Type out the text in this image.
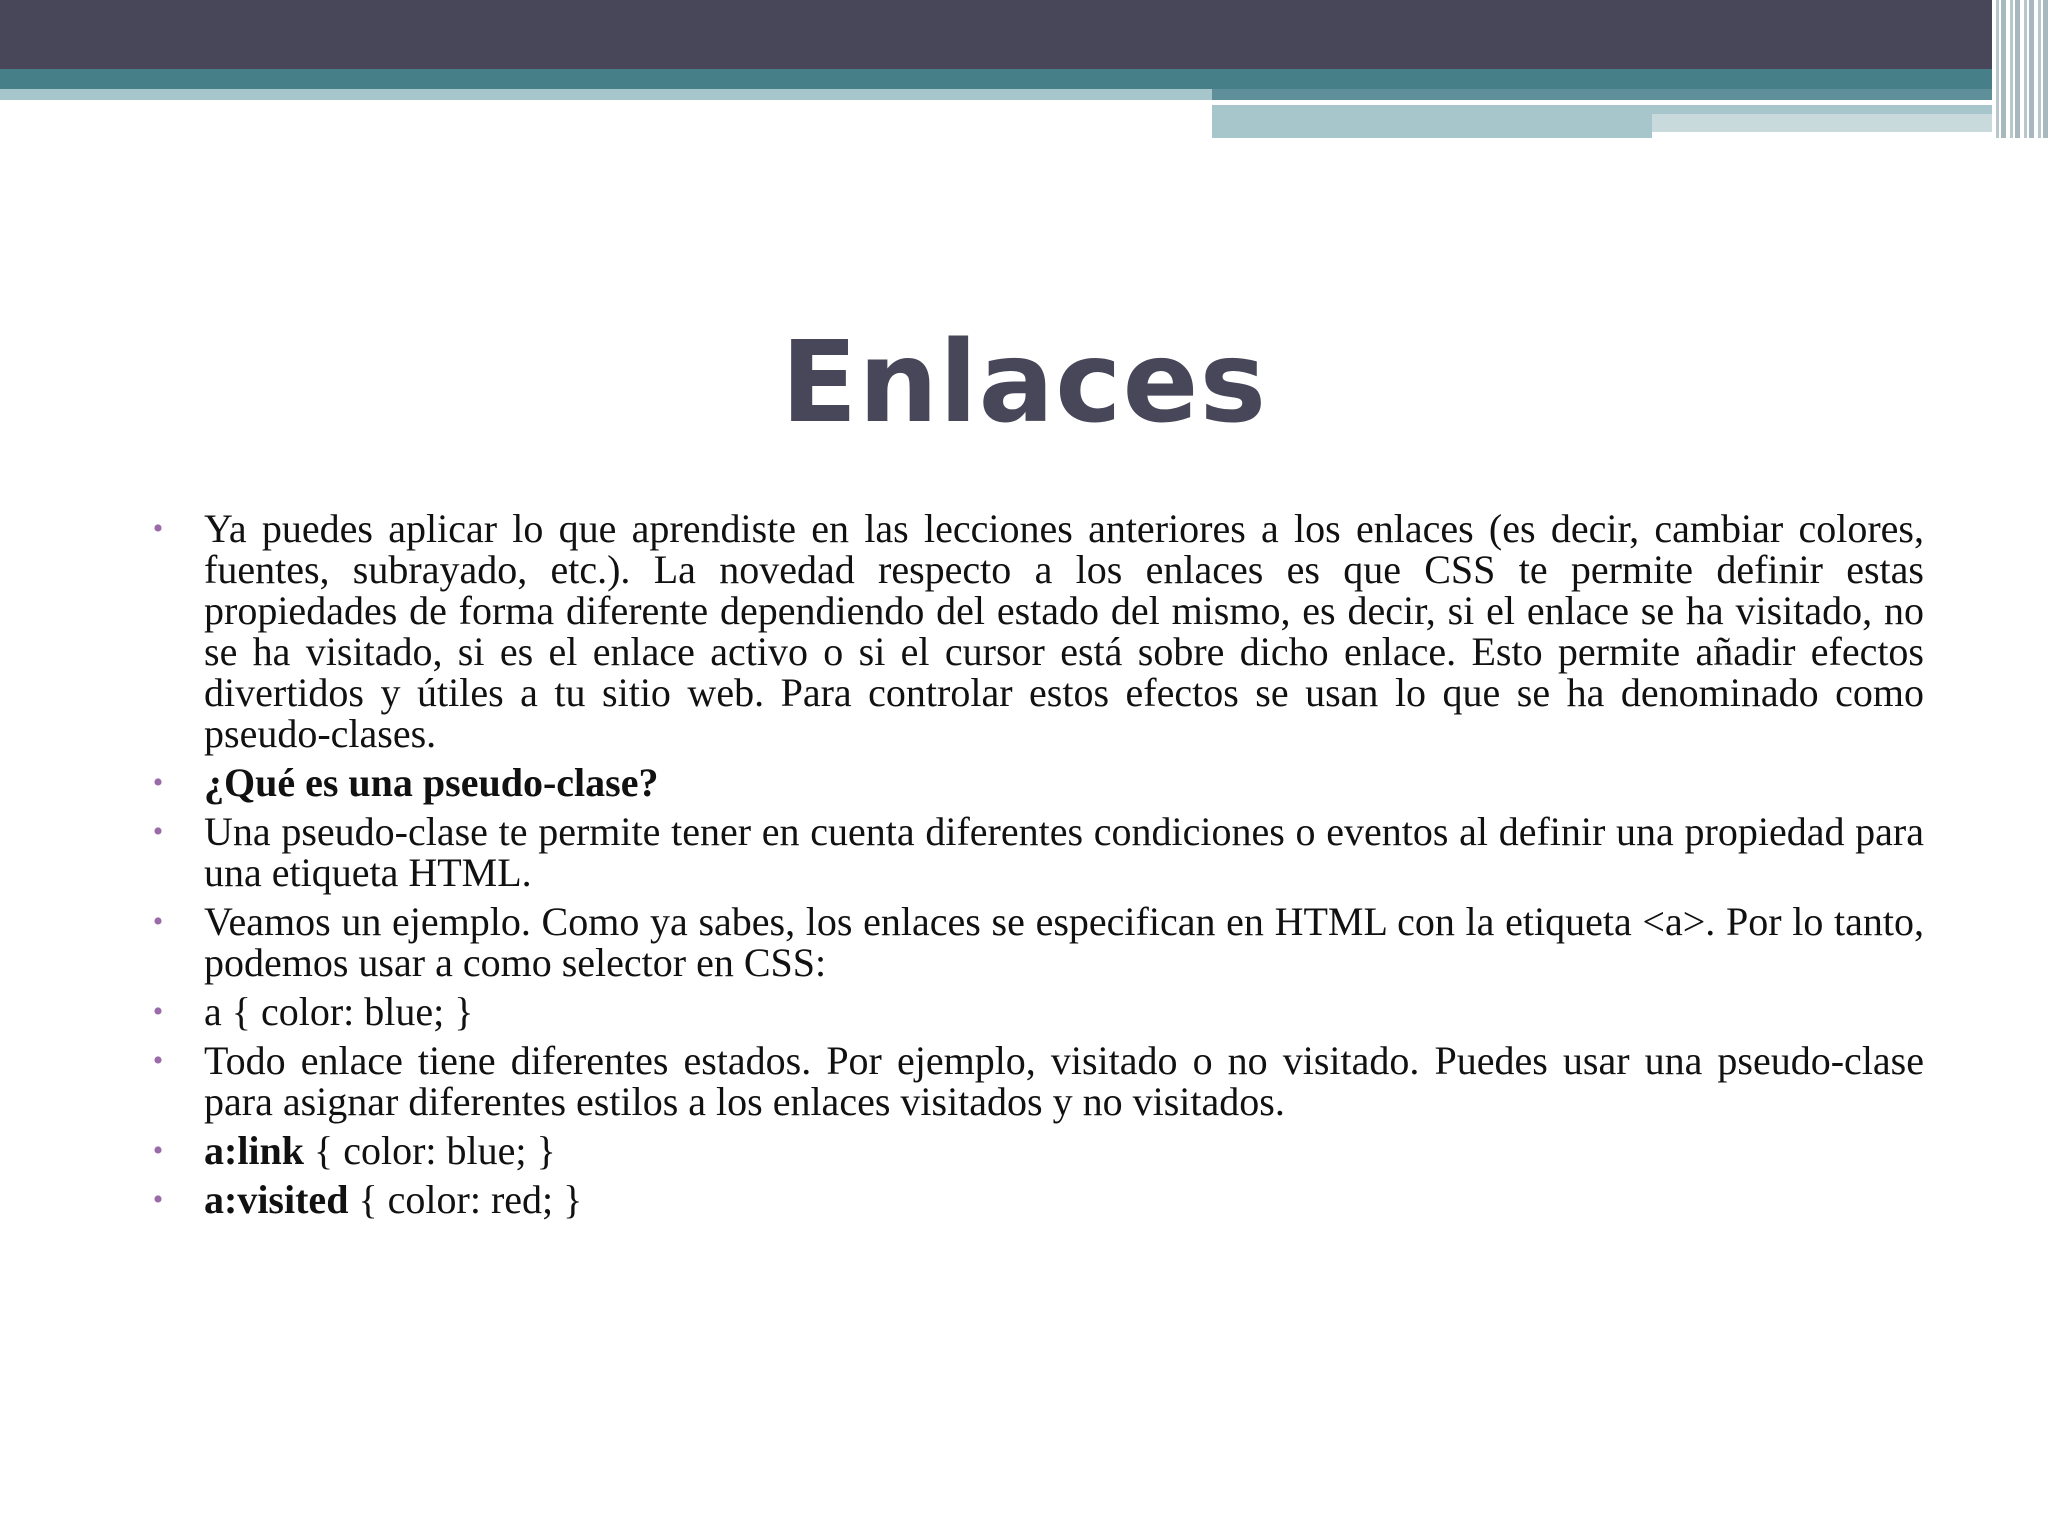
Enlaces
• Ya puedes aplicar lo que aprendiste en las lecciones anteriores a los enlaces (es decir, cambiar colores, fuentes, subrayado, etc.). La novedad respecto a los enlaces es que CSS te permite definir estas propiedades de forma diferente dependiendo del estado del mismo, es decir, si el enlace se ha visitado, no se ha visitado, si es el enlace activo o si el cursor está sobre dicho enlace. Esto permite añadir efectos divertidos y útiles a tu sitio web. Para controlar estos efectos se usan lo que se ha denominado como pseudo-clases.
• ¿Qué es una pseudo-clase?
• Una pseudo-clase te permite tener en cuenta diferentes condiciones o eventos al definir una propiedad para una etiqueta HTML.
• Veamos un ejemplo. Como ya sabes, los enlaces se especifican en HTML con la etiqueta <a>. Por lo tanto, podemos usar a como selector en CSS:
• a { color: blue; }
• Todo enlace tiene diferentes estados. Por ejemplo, visitado o no visitado. Puedes usar una pseudo-clase para asignar diferentes estilos a los enlaces visitados y no visitados.
• a:link { color: blue; }
• a:visited { color: red; }
